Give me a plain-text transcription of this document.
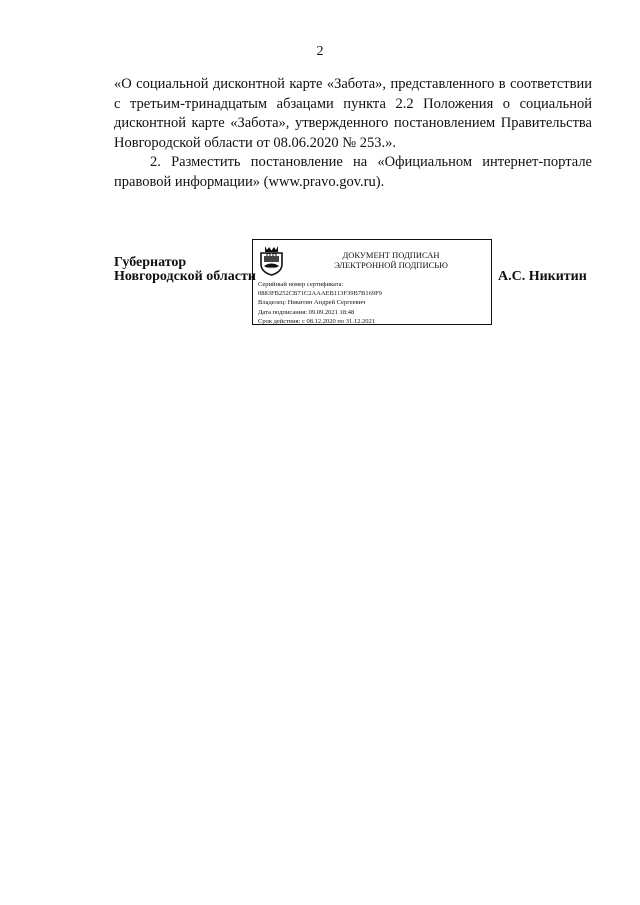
2

«О социальной дисконтной карте «Забота», представленного в соответствии с третьим-тринадцатым абзацами пункта 2.2 Положения о социальной дисконтной карте «Забота», утвержденного постановлением Правительства Новгородской области от 08.06.2020 № 253.».

2. Разместить постановление на «Официальном интернет-портале правовой информации» (www.pravo.gov.ru).

Губернатор
Новгородской области
ДОКУМЕНТ ПОДПИСАН
ЭЛЕКТРОННОЙ ПОДПИСЬЮ
Серийный номер сертификата:
0883FB252CB71C2AAAEB113F39B7B169F9
Владелец: Никитин Андрей Сергеевич
Дата подписания: 09.09.2021 18:48
Срок действия: с 08.12.2020 по 31.12.2021
А.С. Никитин
